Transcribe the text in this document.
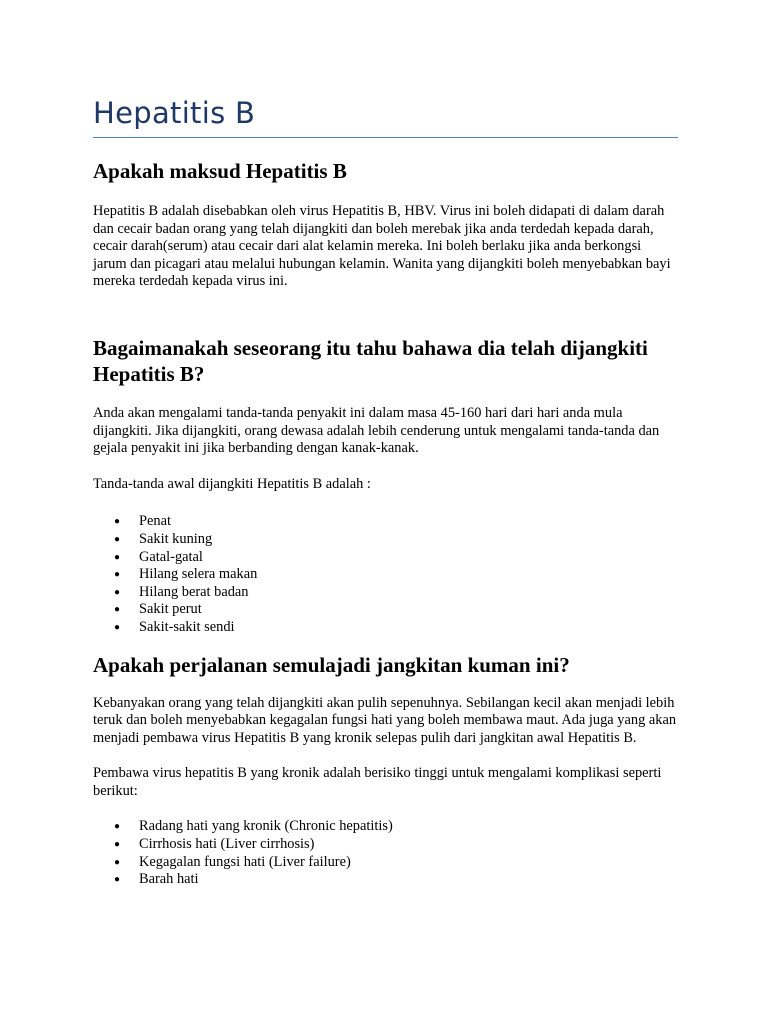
Hepatitis B
Apakah maksud Hepatitis B

Hepatitis B adalah disebabkan oleh virus Hepatitis B, HBV. Virus ini boleh didapati di dalam darah dan cecair badan orang yang telah dijangkiti dan boleh merebak jika anda terdedah kepada darah, cecair darah(serum) atau cecair dari alat kelamin mereka. Ini boleh berlaku jika anda berkongsi jarum dan picagari atau melalui hubungan kelamin. Wanita yang dijangkiti boleh menyebabkan bayi mereka terdedah kepada virus ini.

Bagaimanakah seseorang itu tahu bahawa dia telah dijangkiti Hepatitis B?

Anda akan mengalami tanda-tanda penyakit ini dalam masa 45-160 hari dari hari anda mula dijangkiti. Jika dijangkiti, orang dewasa adalah lebih cenderung untuk mengalami tanda-tanda dan gejala penyakit ini jika berbanding dengan kanak-kanak.

Tanda-tanda awal dijangkiti Hepatitis B adalah :

● Penat
● Sakit kuning
● Gatal-gatal
● Hilang selera makan
● Hilang berat badan
● Sakit perut
● Sakit-sakit sendi
Apakah perjalanan semulajadi jangkitan kuman ini?

Kebanyakan orang yang telah dijangkiti akan pulih sepenuhnya. Sebilangan kecil akan menjadi lebih teruk dan boleh menyebabkan kegagalan fungsi hati yang boleh membawa maut. Ada juga yang akan menjadi pembawa virus Hepatitis B yang kronik selepas pulih dari jangkitan awal Hepatitis B.

Pembawa virus hepatitis B yang kronik adalah berisiko tinggi untuk mengalami komplikasi seperti berikut:

● Radang hati yang kronik (Chronic hepatitis)
● Cirrhosis hati (Liver cirrhosis)
● Kegagalan fungsi hati (Liver failure)
● Barah hati
